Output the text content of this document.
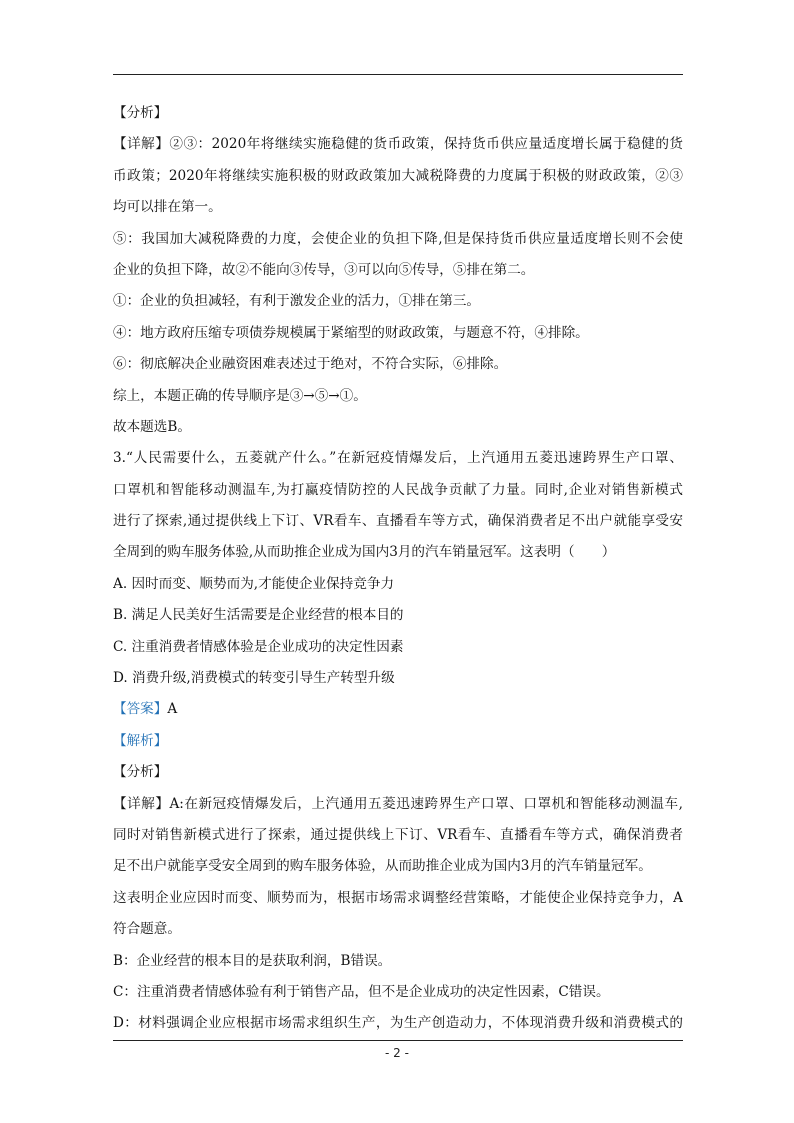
【分析】
【详解】②③：2020年将继续实施稳健的货币政策，保持货币供应量适度增长属于稳健的货
币政策；2020年将继续实施积极的财政政策加大减税降费的力度属于积极的财政政策，②③
均可以排在第一。
⑤：我国加大减税降费的力度，会使企业的负担下降,但是保持货币供应量适度增长则不会使
企业的负担下降，故②不能向③传导，③可以向⑤传导，⑤排在第二。
①：企业的负担减轻，有利于激发企业的活力，①排在第三。
④：地方政府压缩专项债券规模属于紧缩型的财政政策，与题意不符，④排除。
⑥：彻底解决企业融资困难表述过于绝对，不符合实际，⑥排除。
综上，本题正确的传导顺序是③→⑤→①。
故本题选B。
3.“人民需要什么，五菱就产什么。”在新冠疫情爆发后，上汽通用五菱迅速跨界生产口罩、
口罩机和智能移动测温车,为打赢疫情防控的人民战争贡献了力量。同时,企业对销售新模式
进行了探索,通过提供线上下订、VR看车、直播看车等方式，确保消费者足不出户就能享受安
全周到的购车服务体验,从而助推企业成为国内3月的汽车销量冠军。这表明（　　）
A. 因时而变、顺势而为,才能使企业保持竞争力
B. 满足人民美好生活需要是企业经营的根本目的
C. 注重消费者情感体验是企业成功的决定性因素
D. 消费升级,消费模式的转变引导生产转型升级
【答案】A
【解析】
【分析】
【详解】A:在新冠疫情爆发后，上汽通用五菱迅速跨界生产口罩、口罩机和智能移动测温车,
同时对销售新模式进行了探索，通过提供线上下订、VR看车、直播看车等方式，确保消费者
足不出户就能享受安全周到的购车服务体验，从而助推企业成为国内3月的汽车销量冠军。
这表明企业应因时而变、顺势而为，根据市场需求调整经营策略，才能使企业保持竞争力，A
符合题意。
B：企业经营的根本目的是获取利润，B错误。
C：注重消费者情感体验有利于销售产品，但不是企业成功的决定性因素，C错误。
D：材料强调企业应根据市场需求组织生产，为生产创造动力，不体现消费升级和消费模式的
- 2 -
